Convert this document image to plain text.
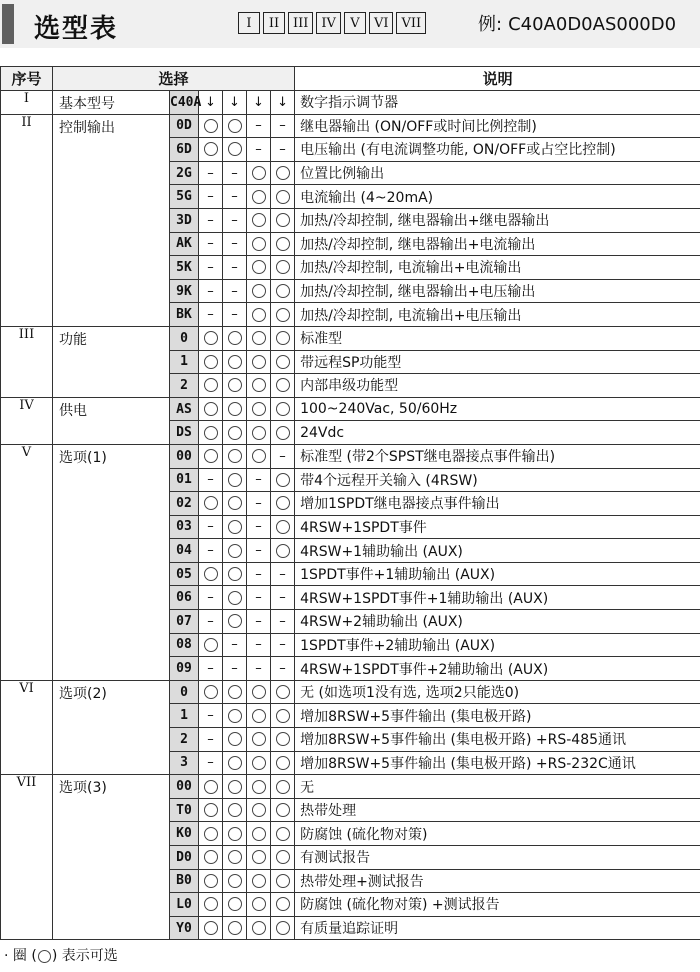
选型表	I	II	III	IV	V	VI	VII	例: C40A0D0AS000D0
序号	选择						说明
I	基本型号	C40A	↓	↓	↓	↓	数字指示调节器
II	控制输出	0D			–	–	继电器输出 (ON/OFF或时间比例控制)
		6D			–	–	电压输出 (有电流调整功能, ON/OFF或占空比控制)
		2G	–	–			位置比例输出
		5G	–	–			电流输出 (4~20mA)
		3D	–	–			加热/冷却控制, 继电器输出+继电器输出
		AK	–	–			加热/冷却控制, 继电器输出+电流输出
		5K	–	–			加热/冷却控制, 电流输出+电流输出
		9K	–	–			加热/冷却控制, 继电器输出+电压输出
		BK	–	–			加热/冷却控制, 电流输出+电压输出
III	功能	0					标准型
		1					带远程SP功能型
		2					内部串级功能型
IV	供电	AS					100~240Vac, 50/60Hz
		DS					24Vdc
V	选项(1)	00				–	标准型 (带2个SPST继电器接点事件输出)
		01	–		–		带4个远程开关输入 (4RSW)
		02			–		增加1SPDT继电器接点事件输出
		03	–		–		4RSW+1SPDT事件
		04	–		–		4RSW+1辅助输出 (AUX)
		05			–	–	1SPDT事件+1辅助输出 (AUX)
		06	–		–	–	4RSW+1SPDT事件+1辅助输出 (AUX)
		07	–		–	–	4RSW+2辅助输出 (AUX)
		08		–	–	–	1SPDT事件+2辅助输出 (AUX)
		09	–	–	–	–	4RSW+1SPDT事件+2辅助输出 (AUX)
VI	选项(2)	0					无 (如选项1没有选, 选项2只能选0)
		1	–				增加8RSW+5事件输出 (集电极开路)
		2	–				增加8RSW+5事件输出 (集电极开路) +RS-485通讯
		3	–				增加8RSW+5事件输出 (集电极开路) +RS-232C通讯
VII	选项(3)	00					无
		T0					热带处理
		K0					防腐蚀 (硫化物对策)
		D0					有测试报告
		B0					热带处理+测试报告
		L0					防腐蚀 (硫化物对策) +测试报告
		Y0					有质量追踪证明
· 圈 ( ) 表示可选
